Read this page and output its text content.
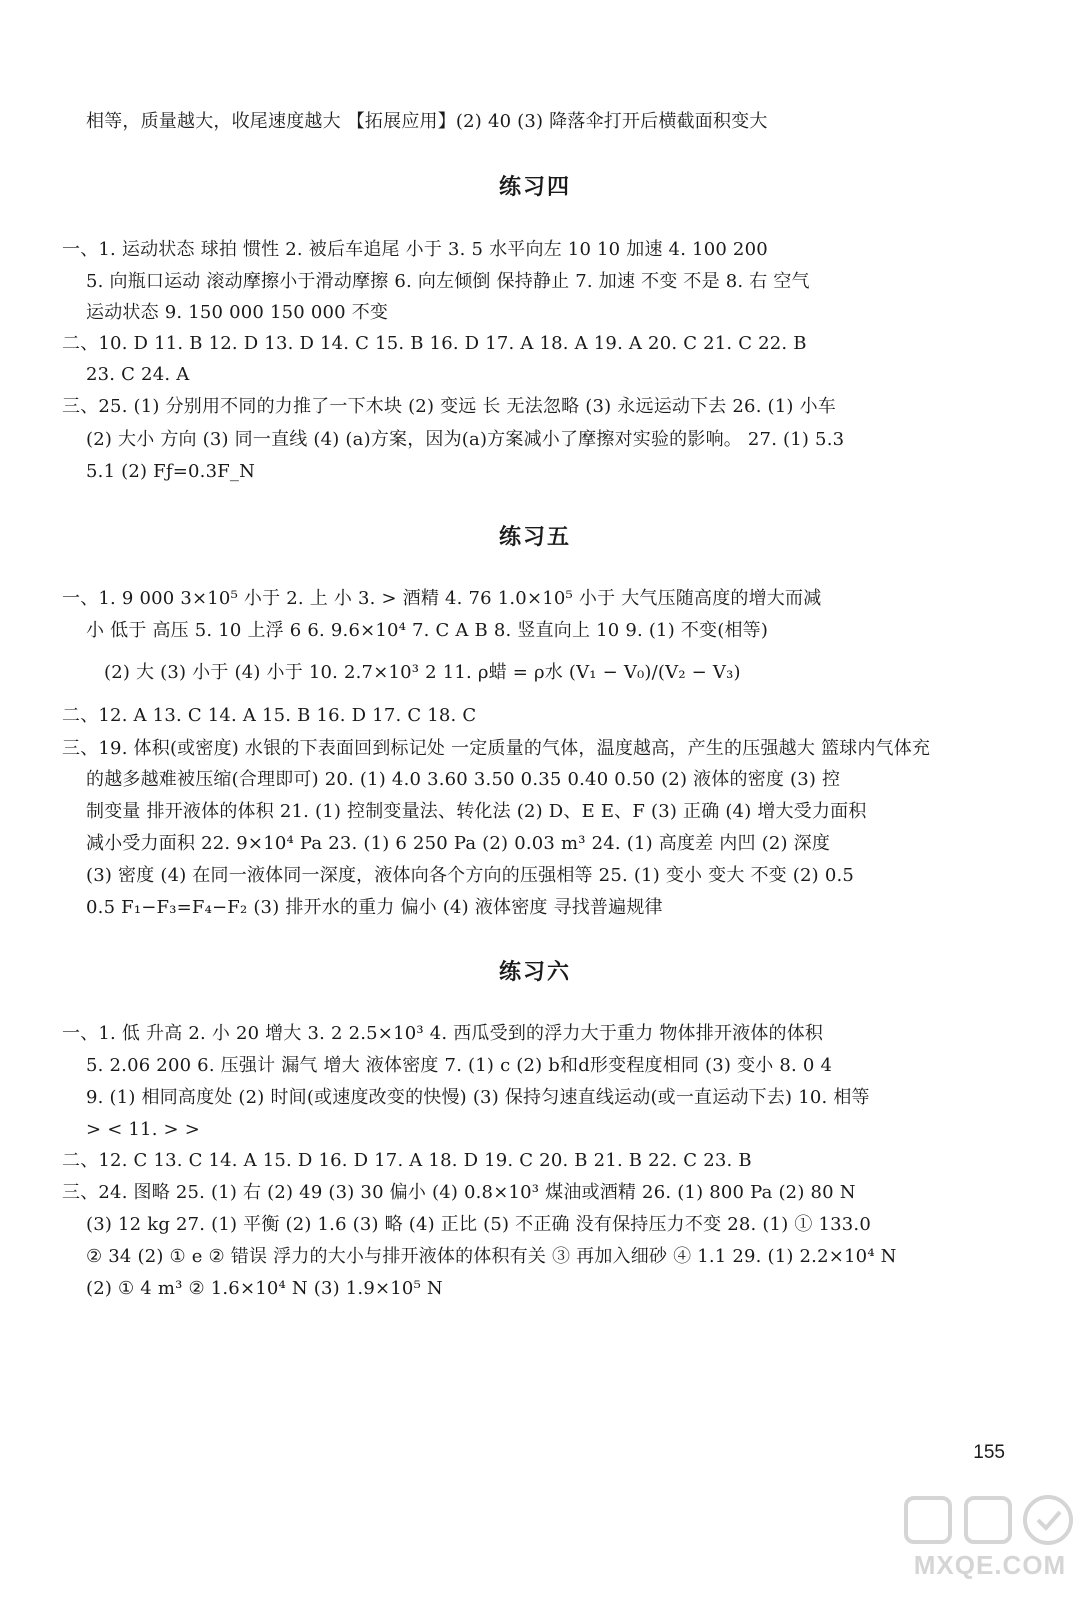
相等，质量越大，收尾速度越大 【拓展应用】(2) 40 (3) 降落伞打开后横截面积变大
练习四
一、1. 运动状态 球拍 惯性 2. 被后车追尾 小于 3. 5 水平向左 10 10 加速 4. 100 200
5. 向瓶口运动 滚动摩擦小于滑动摩擦 6. 向左倾倒 保持静止 7. 加速 不变 不是 8. 右 空气
运动状态 9. 150 000 150 000 不变
二、10. D 11. B 12. D 13. D 14. C 15. B 16. D 17. A 18. A 19. A 20. C 21. C 22. B
23. C 24. A
三、25. (1) 分别用不同的力推了一下木块 (2) 变远 长 无法忽略 (3) 永远运动下去 26. (1) 小车
(2) 大小 方向 (3) 同一直线 (4) (a)方案，因为(a)方案减小了摩擦对实验的影响。 27. (1) 5.3
5.1 (2) Fƒ=0.3F_N
练习五
一、1. 9 000 3×10⁵ 小于 2. 上 小 3. > 酒精 4. 76 1.0×10⁵ 小于 大气压随高度的增大而减
小 低于 高压 5. 10 上浮 6 6. 9.6×10⁴ 7. C A B 8. 竖直向上 10 9. (1) 不变(相等)
(2) 大 (3) 小于 (4) 小于 10. 2.7×10³ 2 11. ρ蜡 = ρ水 (V₁ − V₀)/(V₂ − V₃)
二、12. A 13. C 14. A 15. B 16. D 17. C 18. C
三、19. 体积(或密度) 水银的下表面回到标记处 一定质量的气体，温度越高，产生的压强越大 篮球内气体充
的越多越难被压缩(合理即可) 20. (1) 4.0 3.60 3.50 0.35 0.40 0.50 (2) 液体的密度 (3) 控
制变量 排开液体的体积 21. (1) 控制变量法、转化法 (2) D、E E、F (3) 正确 (4) 增大受力面积
减小受力面积 22. 9×10⁴ Pa 23. (1) 6 250 Pa (2) 0.03 m³ 24. (1) 高度差 内凹 (2) 深度
(3) 密度 (4) 在同一液体同一深度，液体向各个方向的压强相等 25. (1) 变小 变大 不变 (2) 0.5
0.5 F₁−F₃=F₄−F₂ (3) 排开水的重力 偏小 (4) 液体密度 寻找普遍规律
练习六
一、1. 低 升高 2. 小 20 增大 3. 2 2.5×10³ 4. 西瓜受到的浮力大于重力 物体排开液体的体积
5. 2.06 200 6. 压强计 漏气 增大 液体密度 7. (1) c (2) b和d形变程度相同 (3) 变小 8. 0 4
9. (1) 相同高度处 (2) 时间(或速度改变的快慢) (3) 保持匀速直线运动(或一直运动下去) 10. 相等
> < 11. > >
二、12. C 13. C 14. A 15. D 16. D 17. A 18. D 19. C 20. B 21. B 22. C 23. B
三、24. 图略 25. (1) 右 (2) 49 (3) 30 偏小 (4) 0.8×10³ 煤油或酒精 26. (1) 800 Pa (2) 80 N
(3) 12 kg 27. (1) 平衡 (2) 1.6 (3) 略 (4) 正比 (5) 不正确 没有保持压力不变 28. (1) ① 133.0
② 34 (2) ① e ② 错误 浮力的大小与排开液体的体积有关 ③ 再加入细砂 ④ 1.1 29. (1) 2.2×10⁴ N
(2) ① 4 m³ ② 1.6×10⁴ N (3) 1.9×10⁵ N
155
MXQE.COM
